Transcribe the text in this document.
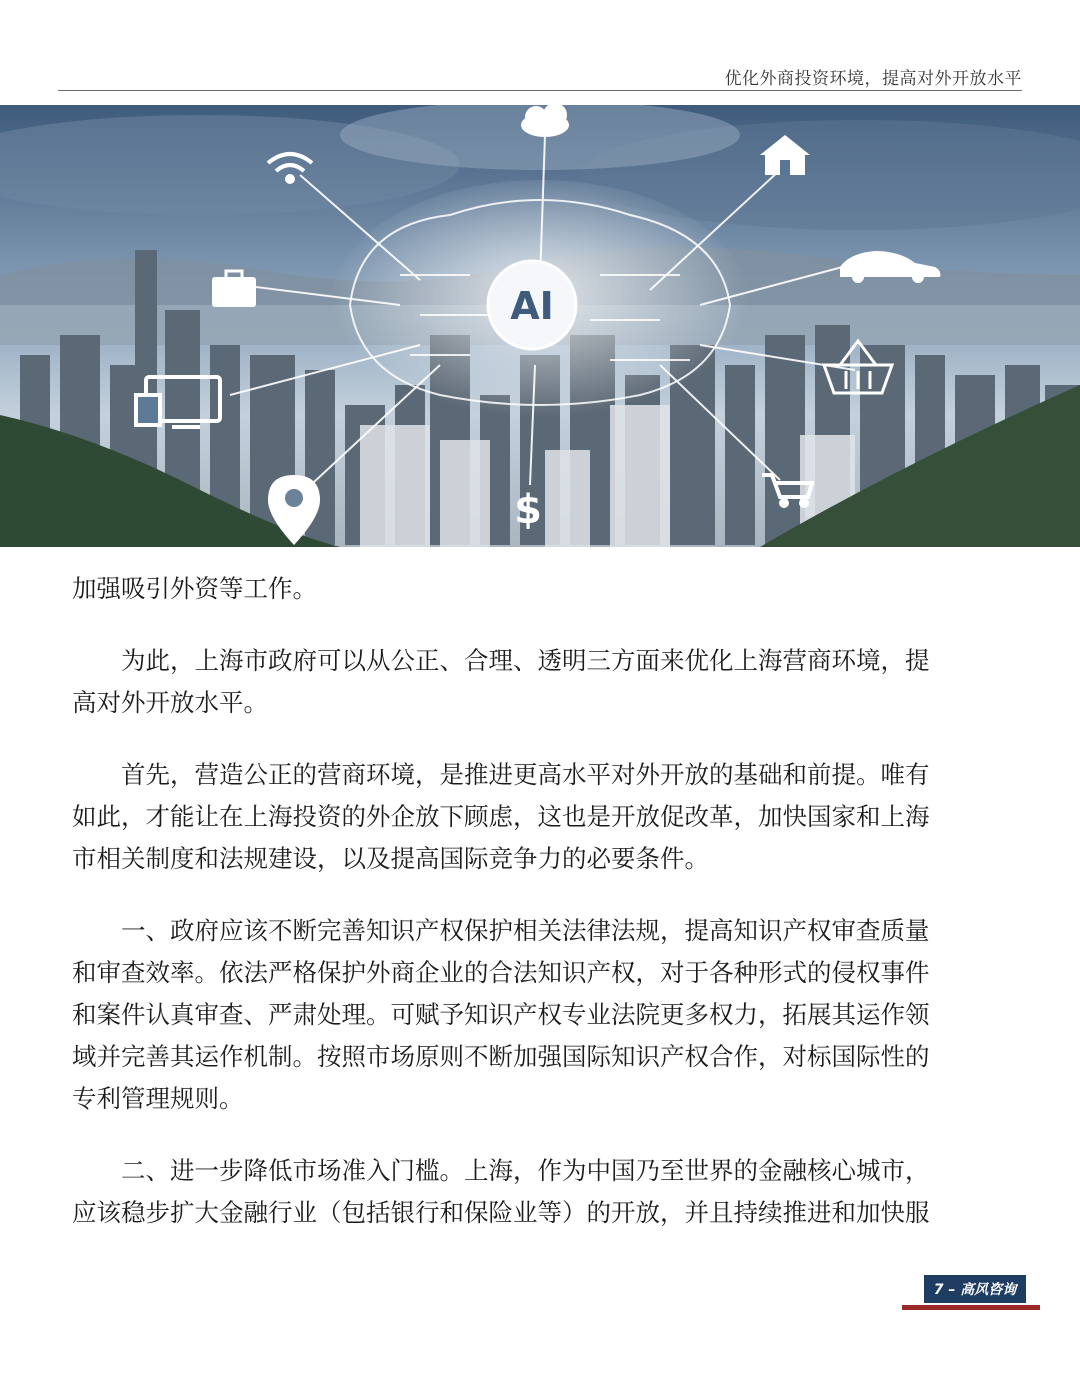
优化外商投资环境，提高对外开放水平
AI
$

加强吸引外资等工作。

为此，上海市政府可以从公正、合理、透明三方面来优化上海营商环境，提高对外开放水平。

首先，营造公正的营商环境，是推进更高水平对外开放的基础和前提。唯有如此，才能让在上海投资的外企放下顾虑，这也是开放促改革，加快国家和上海市相关制度和法规建设，以及提高国际竞争力的必要条件。

一、政府应该不断完善知识产权保护相关法律法规，提高知识产权审查质量和审查效率。依法严格保护外商企业的合法知识产权，对于各种形式的侵权事件和案件认真审查、严肃处理。可赋予知识产权专业法院更多权力，拓展其运作领域并完善其运作机制。按照市场原则不断加强国际知识产权合作，对标国际性的专利管理规则。

二、进一步降低市场准入门槛。上海，作为中国乃至世界的金融核心城市，应该稳步扩大金融行业（包括银行和保险业等）的开放，并且持续推进和加快服

7 – 高风咨询
